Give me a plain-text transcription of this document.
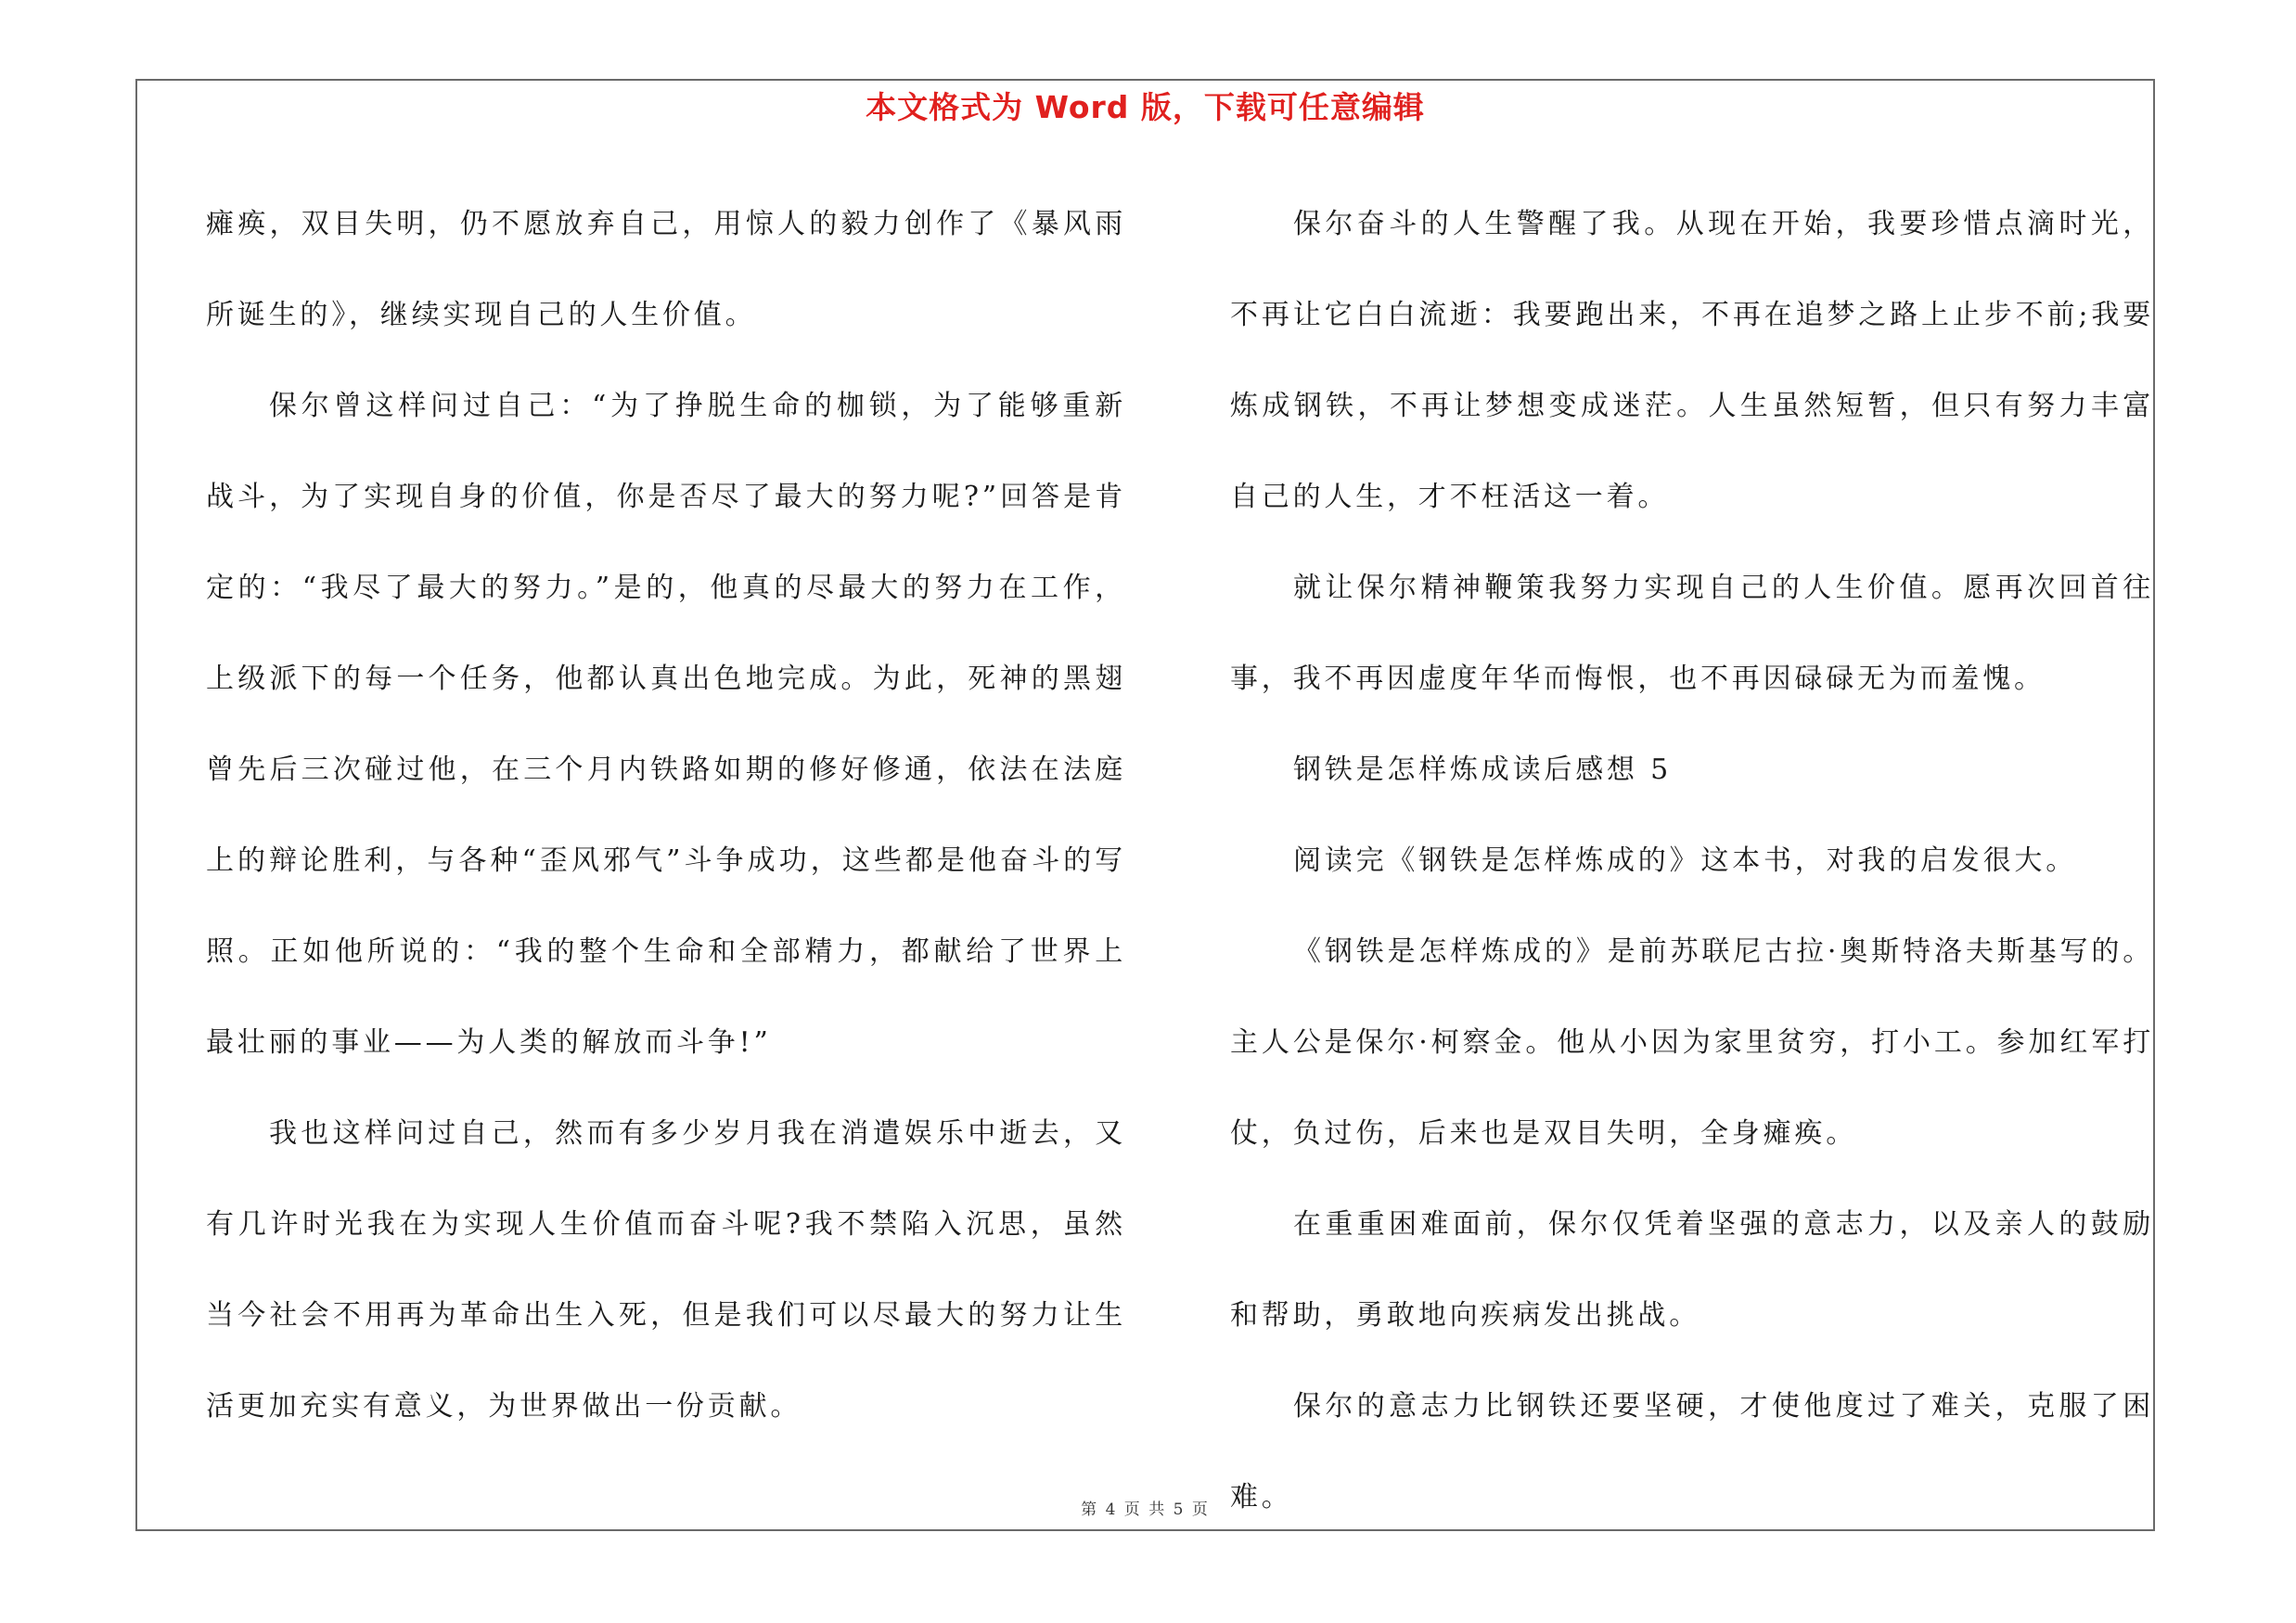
本文格式为 Word 版，下载可任意编辑

瘫痪，双目失明，仍不愿放弃自己，用惊人的毅力创作了《暴风雨所诞生的》，继续实现自己的人生价值。

保尔曾这样问过自己：“为了挣脱生命的枷锁，为了能够重新战斗，为了实现自身的价值，你是否尽了最大的努力呢?”回答是肯定的：“我尽了最大的努力。”是的，他真的尽最大的努力在工作，上级派下的每一个任务，他都认真出色地完成。为此，死神的黑翅曾先后三次碰过他，在三个月内铁路如期的修好修通，依法在法庭上的辩论胜利，与各种“歪风邪气”斗争成功，这些都是他奋斗的写照。正如他所说的：“我的整个生命和全部精力，都献给了世界上最壮丽的事业——为人类的解放而斗争!”

我也这样问过自己，然而有多少岁月我在消遣娱乐中逝去，又有几许时光我在为实现人生价值而奋斗呢?我不禁陷入沉思，虽然当今社会不用再为革命出生入死，但是我们可以尽最大的努力让生活更加充实有意义，为世界做出一份贡献。

保尔奋斗的人生警醒了我。从现在开始，我要珍惜点滴时光，不再让它白白流逝：我要跑出来，不再在追梦之路上止步不前;我要炼成钢铁，不再让梦想变成迷茫。人生虽然短暂，但只有努力丰富自己的人生，才不枉活这一着。

就让保尔精神鞭策我努力实现自己的人生价值。愿再次回首往事，我不再因虚度年华而悔恨，也不再因碌碌无为而羞愧。

钢铁是怎样炼成读后感想 5

阅读完《钢铁是怎样炼成的》这本书，对我的启发很大。

《钢铁是怎样炼成的》是前苏联尼古拉·奥斯特洛夫斯基写的。主人公是保尔·柯察金。他从小因为家里贫穷，打小工。参加红军打仗，负过伤，后来也是双目失明，全身瘫痪。

在重重困难面前，保尔仅凭着坚强的意志力，以及亲人的鼓励和帮助，勇敢地向疾病发出挑战。

保尔的意志力比钢铁还要坚硬，才使他度过了难关，克服了困难。

第 4 页 共 5 页
